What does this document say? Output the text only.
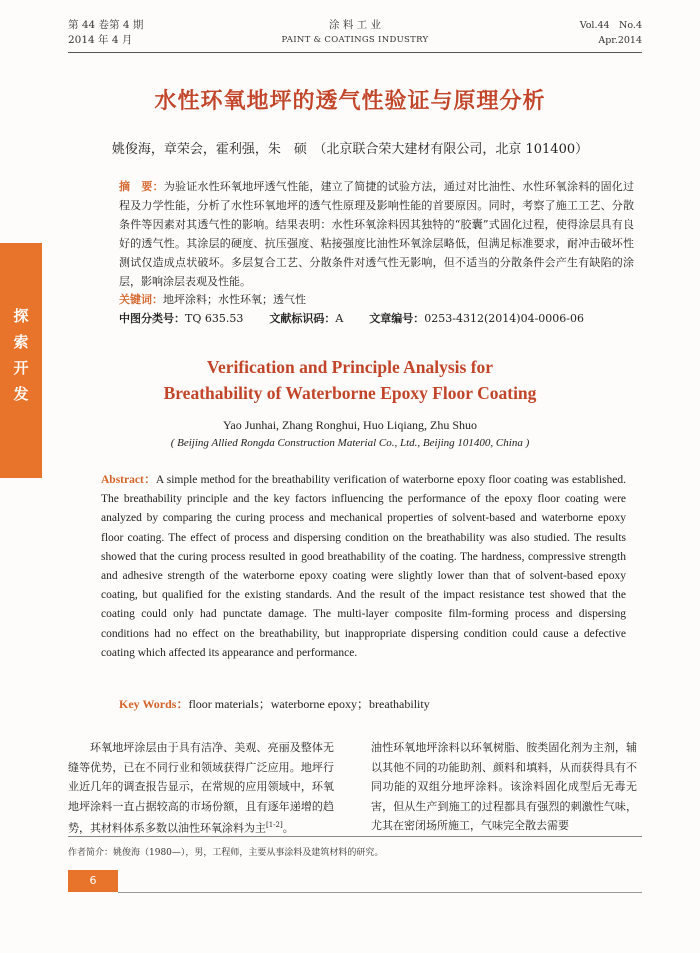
第 44 卷第 4 期
2014 年 4 月
涂 料 工 业
PAINT & COATINGS INDUSTRY
Vol.44　No.4
Apr.2014
探
索
开
发
水性环氧地坪的透气性验证与原理分析
姚俊海，章荣会，霍利强，朱　硕　（北京联合荣大建材有限公司，北京 101400）
摘　要：为验证水性环氧地坪透气性能，建立了简捷的试验方法，通过对比油性、水性环氧涂料的固化过程及力学性能，分析了水性环氧地坪的透气性原理及影响性能的首要原因。同时，考察了施工工艺、分散条件等因素对其透气性的影响。结果表明：水性环氧涂料因其独特的“胶囊”式固化过程，使得涂层具有良好的透气性。其涂层的硬度、抗压强度、粘接强度比油性环氧涂层略低，但满足标准要求，耐冲击破坏性测试仅造成点状破坏。多层复合工艺、分散条件对透气性无影响，但不适当的分散条件会产生有缺陷的涂层，影响涂层表观及性能。
关键词：地坪涂料；水性环氧；透气性
中图分类号：TQ 635.53 文献标识码：A 文章编号：0253-4312(2014)04-0006-06
Verification and Principle Analysis for
Breathability of Waterborne Epoxy Floor Coating
Yao Junhai, Zhang Ronghui, Huo Liqiang, Zhu Shuo
( Beijing Allied Rongda Construction Material Co., Ltd., Beijing 101400, China )
Abstract：A simple method for the breathability verification of waterborne epoxy floor coating was established. The breathability principle and the key factors influencing the performance of the epoxy floor coating were analyzed by comparing the curing process and mechanical properties of solvent-based and waterborne epoxy floor coating. The effect of process and dispersing condition on the breathability was also studied. The results showed that the curing process resulted in good breathability of the coating. The hardness, compressive strength and adhesive strength of the waterborne epoxy coating were slightly lower than that of solvent-based epoxy coating, but qualified for the existing standards. And the result of the impact resistance test showed that the coating could only had punctate damage. The multi-layer composite film-forming process and dispersing conditions had no effect on the breathability, but inappropriate dispersing condition could cause a defective coating which affected its appearance and performance.
Key Words：floor materials；waterborne epoxy；breathability
环氧地坪涂层由于具有洁净、美观、亮丽及整体无缝等优势，已在不同行业和领域获得广泛应用。地坪行业近几年的调查报告显示，在常规的应用领域中，环氧地坪涂料一直占据较高的市场份额，且有逐年递增的趋势，其材料体系多数以油性环氧涂料为主[1-2]。
油性环氧地坪涂料以环氧树脂、胺类固化剂为主剂，辅以其他不同的功能助剂、颜料和填料，从而获得具有不同功能的双组分地坪涂料。该涂料固化成型后无毒无害，但从生产到施工的过程都具有强烈的刺激性气味，尤其在密闭场所施工，气味完全散去需要
作者简介：姚俊海（1980—），男，工程师，主要从事涂料及建筑材料的研究。
6
